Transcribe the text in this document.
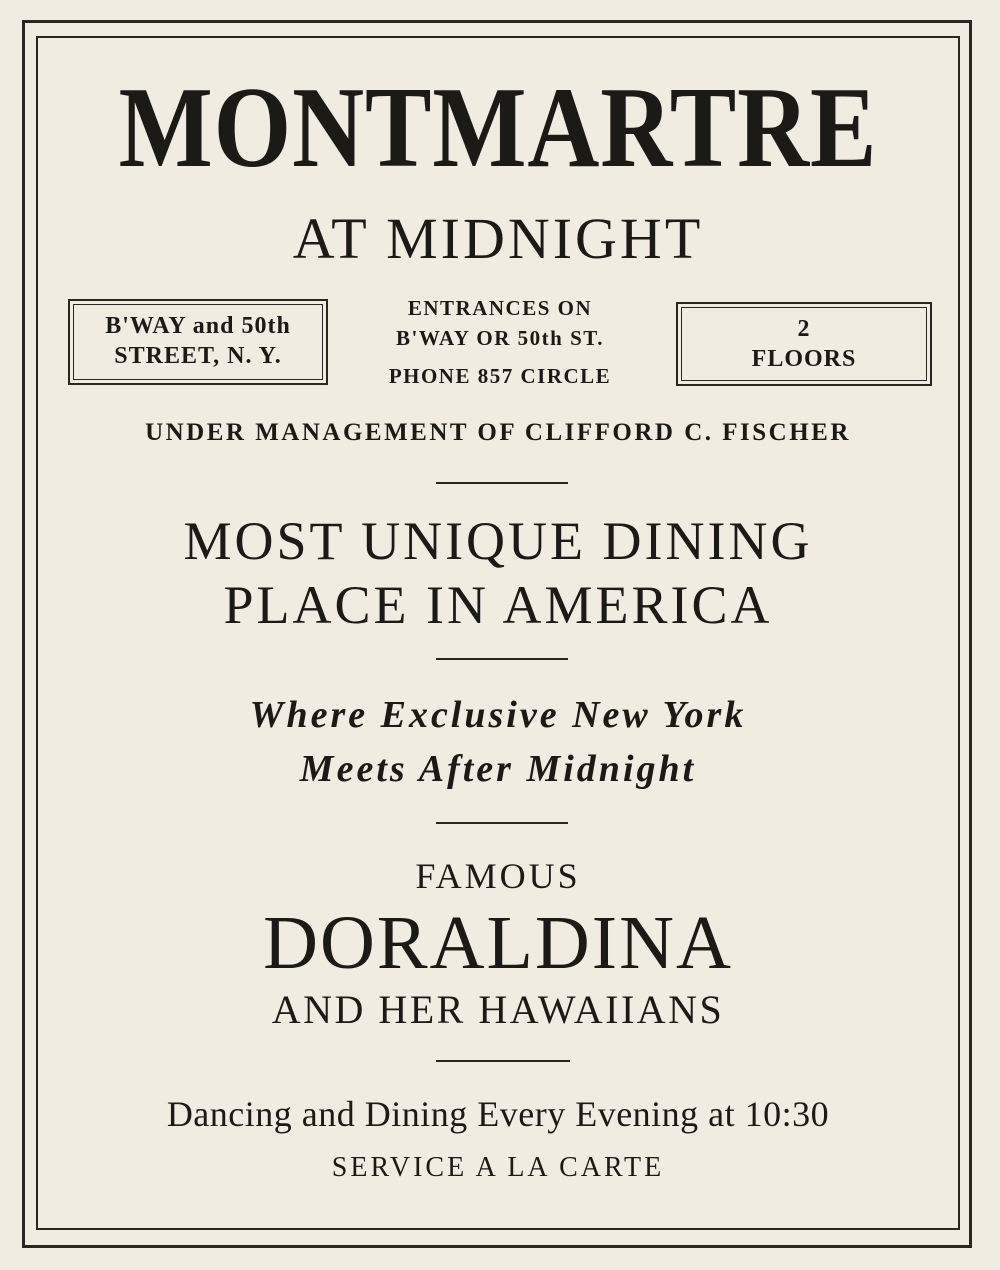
MONTMARTRE
AT MIDNIGHT
B'WAY and 50th
STREET, N. Y.
ENTRANCES ON
B'WAY OR 50th ST.
PHONE 857 CIRCLE
2
FLOORS
UNDER MANAGEMENT OF CLIFFORD C. FISCHER
MOST UNIQUE DINING
PLACE IN AMERICA
Where Exclusive New York
Meets After Midnight
FAMOUS
DORALDINA
AND HER HAWAIIANS
Dancing and Dining Every Evening at 10:30
SERVICE A LA CARTE
